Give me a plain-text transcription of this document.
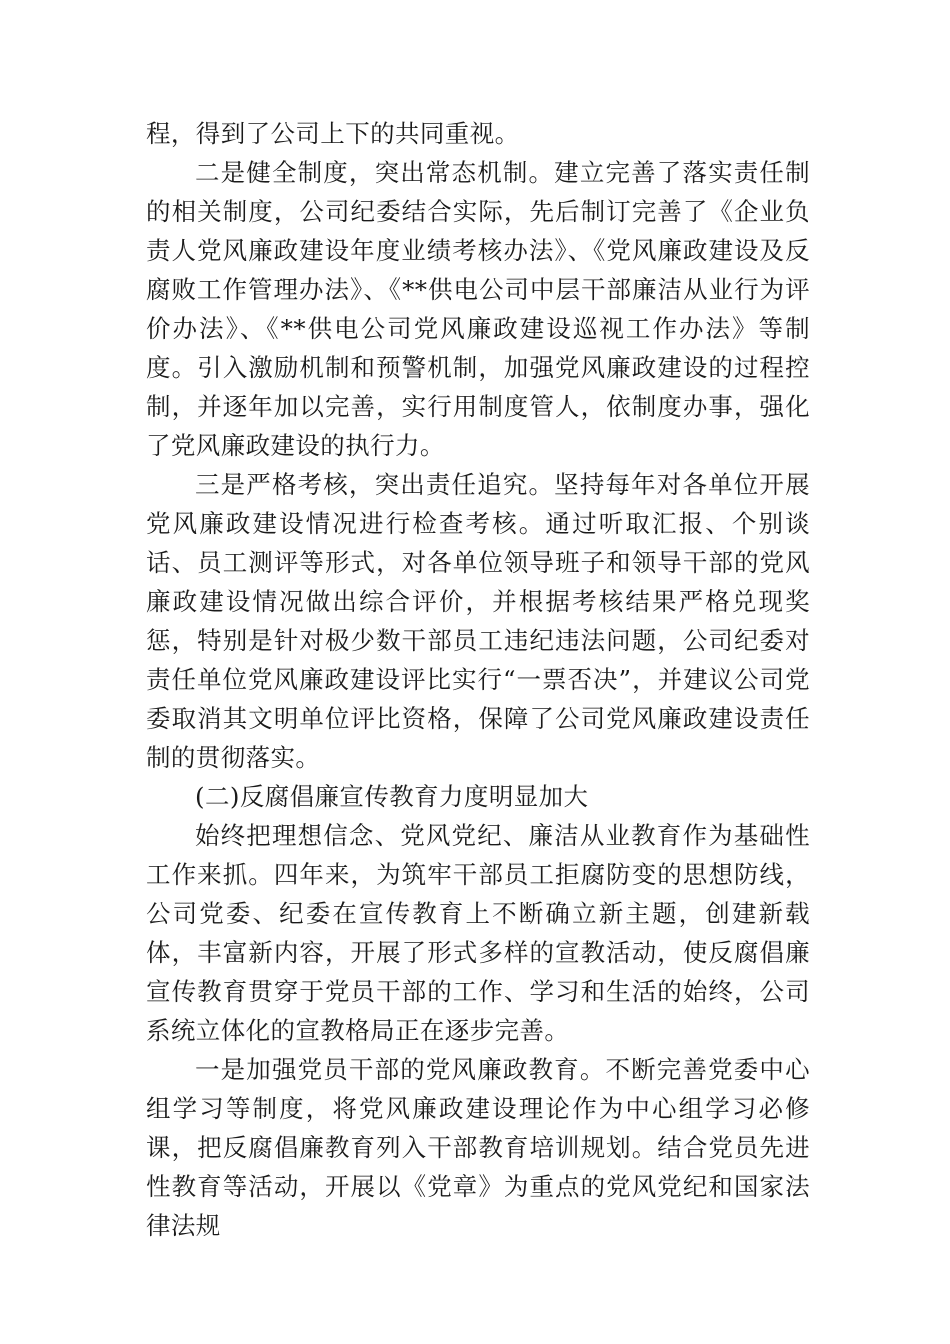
程，得到了公司上下的共同重视。

二是健全制度，突出常态机制。建立完善了落实责任制的相关制度，公司纪委结合实际，先后制订完善了《企业负责人党风廉政建设年度业绩考核办法》、《党风廉政建设及反腐败工作管理办法》、《**供电公司中层干部廉洁从业行为评价办法》、《**供电公司党风廉政建设巡视工作办法》等制度。引入激励机制和预警机制，加强党风廉政建设的过程控制，并逐年加以完善，实行用制度管人，依制度办事，强化了党风廉政建设的执行力。

三是严格考核，突出责任追究。坚持每年对各单位开展党风廉政建设情况进行检查考核。通过听取汇报、个别谈话、员工测评等形式，对各单位领导班子和领导干部的党风廉政建设情况做出综合评价，并根据考核结果严格兑现奖惩，特别是针对极少数干部员工违纪违法问题，公司纪委对责任单位党风廉政建设评比实行“一票否决”，并建议公司党委取消其文明单位评比资格，保障了公司党风廉政建设责任制的贯彻落实。

(二)反腐倡廉宣传教育力度明显加大

始终把理想信念、党风党纪、廉洁从业教育作为基础性工作来抓。四年来，为筑牢干部员工拒腐防变的思想防线，公司党委、纪委在宣传教育上不断确立新主题，创建新载体，丰富新内容，开展了形式多样的宣教活动，使反腐倡廉宣传教育贯穿于党员干部的工作、学习和生活的始终，公司系统立体化的宣教格局正在逐步完善。

一是加强党员干部的党风廉政教育。不断完善党委中心组学习等制度，将党风廉政建设理论作为中心组学习必修课，把反腐倡廉教育列入干部教育培训规划。结合党员先进性教育等活动，开展以《党章》为重点的党风党纪和国家法律法规
